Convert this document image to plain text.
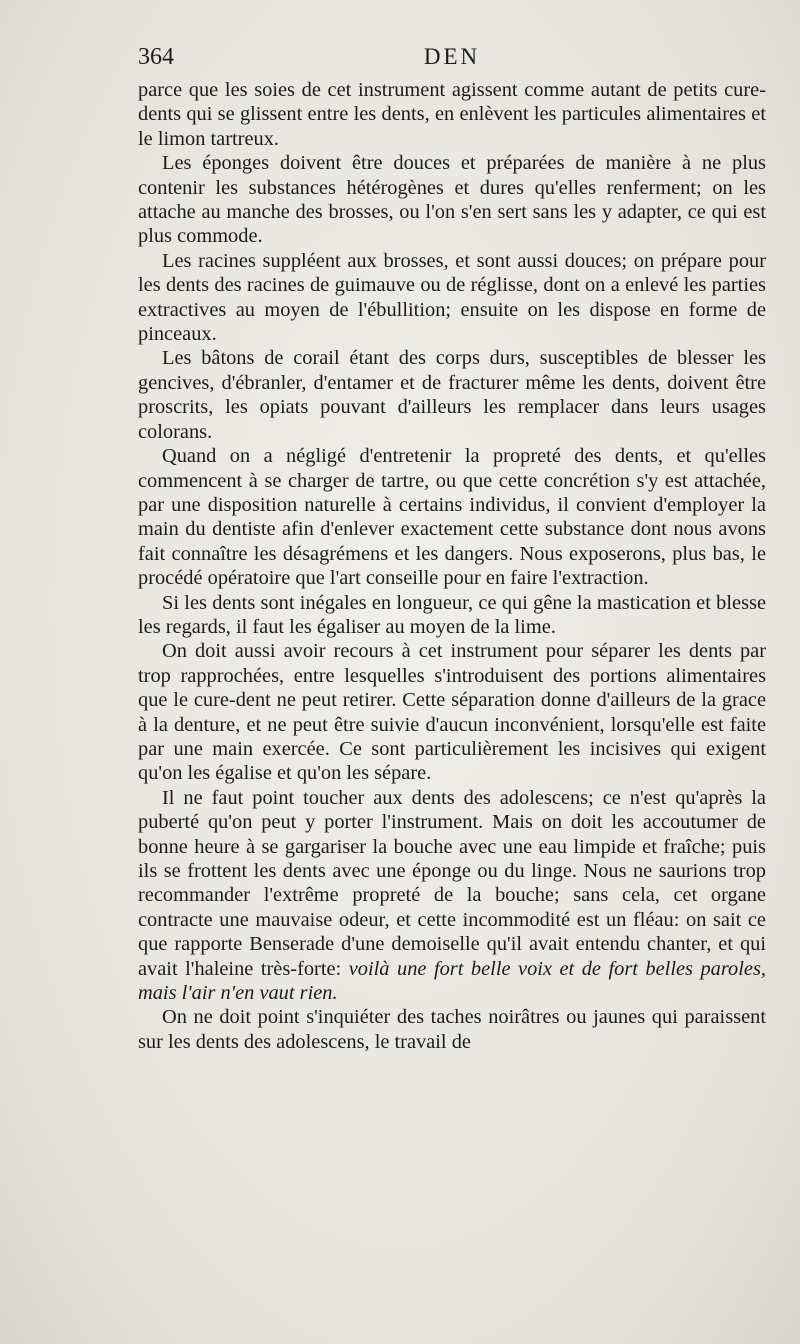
364	DEN

parce que les soies de cet instrument agissent comme autant de petits cure-dents qui se glissent entre les dents, en enlèvent les particules alimentaires et le limon tartreux.

Les éponges doivent être douces et préparées de manière à ne plus contenir les substances hétérogènes et dures qu'elles renferment; on les attache au manche des brosses, ou l'on s'en sert sans les y adapter, ce qui est plus commode.

Les racines suppléent aux brosses, et sont aussi douces; on prépare pour les dents des racines de guimauve ou de réglisse, dont on a enlevé les parties extractives au moyen de l'ébullition; ensuite on les dispose en forme de pinceaux.

Les bâtons de corail étant des corps durs, susceptibles de blesser les gencives, d'ébranler, d'entamer et de fracturer même les dents, doivent être proscrits, les opiats pouvant d'ailleurs les remplacer dans leurs usages colorans.

Quand on a négligé d'entretenir la propreté des dents, et qu'elles commencent à se charger de tartre, ou que cette concrétion s'y est attachée, par une disposition naturelle à certains individus, il convient d'employer la main du dentiste afin d'enlever exactement cette substance dont nous avons fait connaître les désagrémens et les dangers. Nous exposerons, plus bas, le procédé opératoire que l'art conseille pour en faire l'extraction.

Si les dents sont inégales en longueur, ce qui gêne la mastication et blesse les regards, il faut les égaliser au moyen de la lime.

On doit aussi avoir recours à cet instrument pour séparer les dents par trop rapprochées, entre lesquelles s'introduisent des portions alimentaires que le cure-dent ne peut retirer. Cette séparation donne d'ailleurs de la grace à la denture, et ne peut être suivie d'aucun inconvénient, lorsqu'elle est faite par une main exercée. Ce sont particulièrement les incisives qui exigent qu'on les égalise et qu'on les sépare.

Il ne faut point toucher aux dents des adolescens; ce n'est qu'après la puberté qu'on peut y porter l'instrument. Mais on doit les accoutumer de bonne heure à se gargariser la bouche avec une eau limpide et fraîche; puis ils se frottent les dents avec une éponge ou du linge. Nous ne saurions trop recommander l'extrême propreté de la bouche; sans cela, cet organe contracte une mauvaise odeur, et cette incommodité est un fléau: on sait ce que rapporte Benserade d'une demoiselle qu'il avait entendu chanter, et qui avait l'haleine très-forte: voilà une fort belle voix et de fort belles paroles, mais l'air n'en vaut rien.

On ne doit point s'inquiéter des taches noirâtres ou jaunes qui paraissent sur les dents des adolescens, le travail de
